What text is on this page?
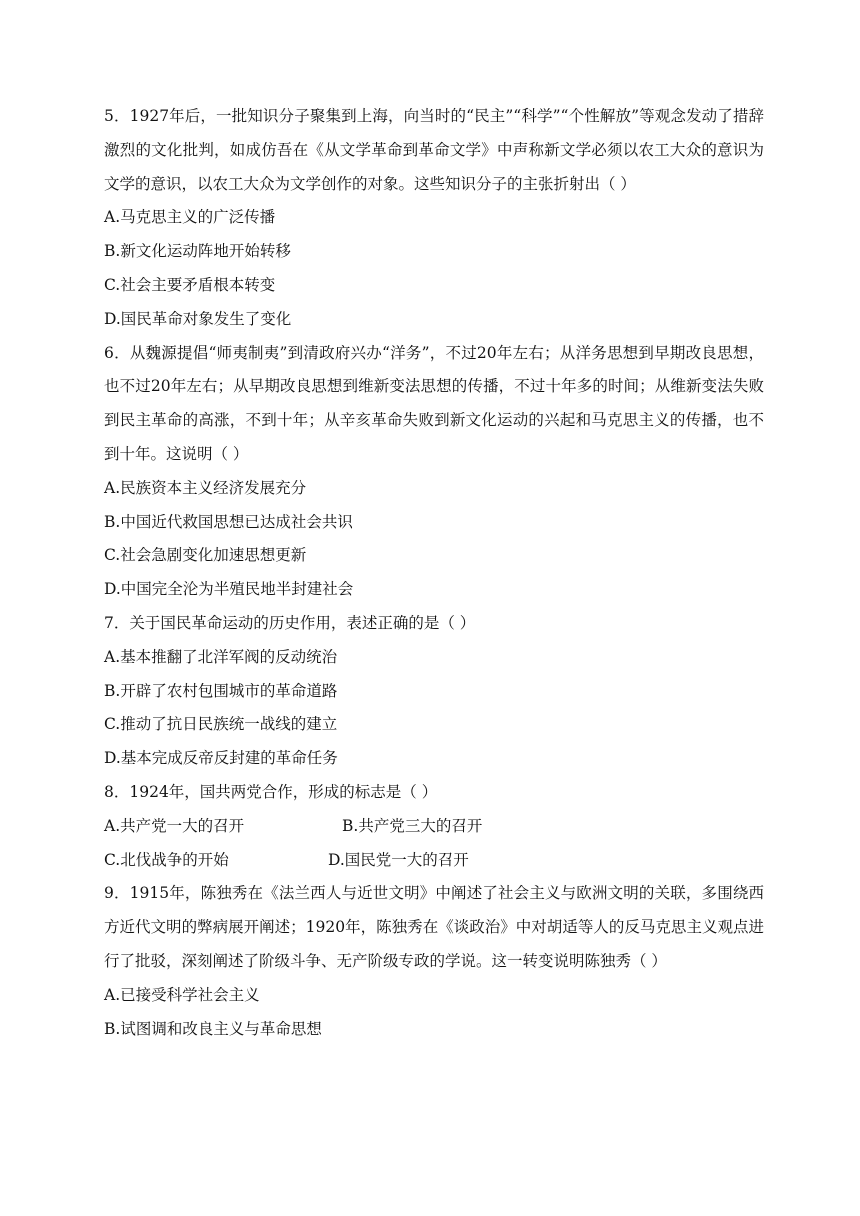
5．1927年后，一批知识分子聚集到上海，向当时的“民主”“科学”“个性解放”等观念发动了措辞激烈的文化批判，如成仿吾在《从文学革命到革命文学》中声称新文学必须以农工大众的意识为文学的意识，以农工大众为文学创作的对象。这些知识分子的主张折射出（ ）

A.马克思主义的广泛传播

B.新文化运动阵地开始转移

C.社会主要矛盾根本转变

D.国民革命对象发生了变化

6．从魏源提倡“师夷制夷”到清政府兴办“洋务”，不过20年左右；从洋务思想到早期改良思想，也不过20年左右；从早期改良思想到维新变法思想的传播，不过十年多的时间；从维新变法失败到民主革命的高涨，不到十年；从辛亥革命失败到新文化运动的兴起和马克思主义的传播，也不到十年。这说明（ ）

A.民族资本主义经济发展充分

B.中国近代救国思想已达成社会共识

C.社会急剧变化加速思想更新

D.中国完全沦为半殖民地半封建社会

7．关于国民革命运动的历史作用，表述正确的是（ ）

A.基本推翻了北洋军阀的反动统治

B.开辟了农村包围城市的革命道路

C.推动了抗日民族统一战线的建立

D.基本完成反帝反封建的革命任务

8．1924年，国共两党合作，形成的标志是（ ）

A.共产党一大的召开	B.共产党三大的召开
C.北伐战争的开始	D.国民党一大的召开

9．1915年，陈独秀在《法兰西人与近世文明》中阐述了社会主义与欧洲文明的关联，多围绕西方近代文明的弊病展开阐述；1920年，陈独秀在《谈政治》中对胡适等人的反马克思主义观点进行了批驳，深刻阐述了阶级斗争、无产阶级专政的学说。这一转变说明陈独秀（ ）

A.已接受科学社会主义

B.试图调和改良主义与革命思想
